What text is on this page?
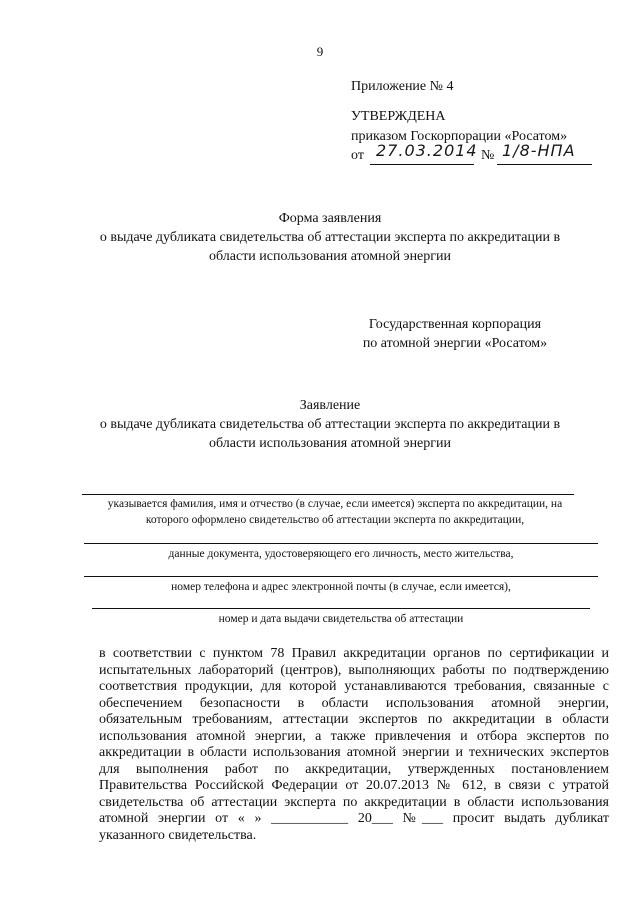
9
Приложение № 4
УТВЕРЖДЕНА
приказом Госкорпорации «Росатом»
от 27.03.2014 № 1/8-НПА
Форма заявления
о выдаче дубликата свидетельства об аттестации эксперта по аккредитации в
области использования атомной энергии
Государственная корпорация
по атомной энергии «Росатом»
Заявление
о выдаче дубликата свидетельства об аттестации эксперта по аккредитации в
области использования атомной энергии
указывается фамилия, имя и отчество (в случае, если имеется) эксперта по аккредитации, на
которого оформлено свидетельство об аттестации эксперта по аккредитации,
данные документа, удостоверяющего его личность, место жительства,
номер телефона и адрес электронной почты (в случае, если имеется),
номер и дата выдачи свидетельства об аттестации
в соответствии с пунктом 78 Правил аккредитации органов по сертификации и испытательных лабораторий (центров), выполняющих работы по подтверждению соответствия продукции, для которой устанавливаются требования, связанные с обеспечением безопасности в области использования атомной энергии, обязательным требованиям, аттестации экспертов по аккредитации в области использования атомной энергии, а также привлечения и отбора экспертов по аккредитации в области использования атомной энергии и технических экспертов для выполнения работ по аккредитации, утвержденных постановлением Правительства Российской Федерации от 20.07.2013 № 612, в связи с утратой свидетельства об аттестации эксперта по аккредитации в области использования атомной энергии от « » ___________ 20___ №___ просит выдать дубликат указанного свидетельства.
